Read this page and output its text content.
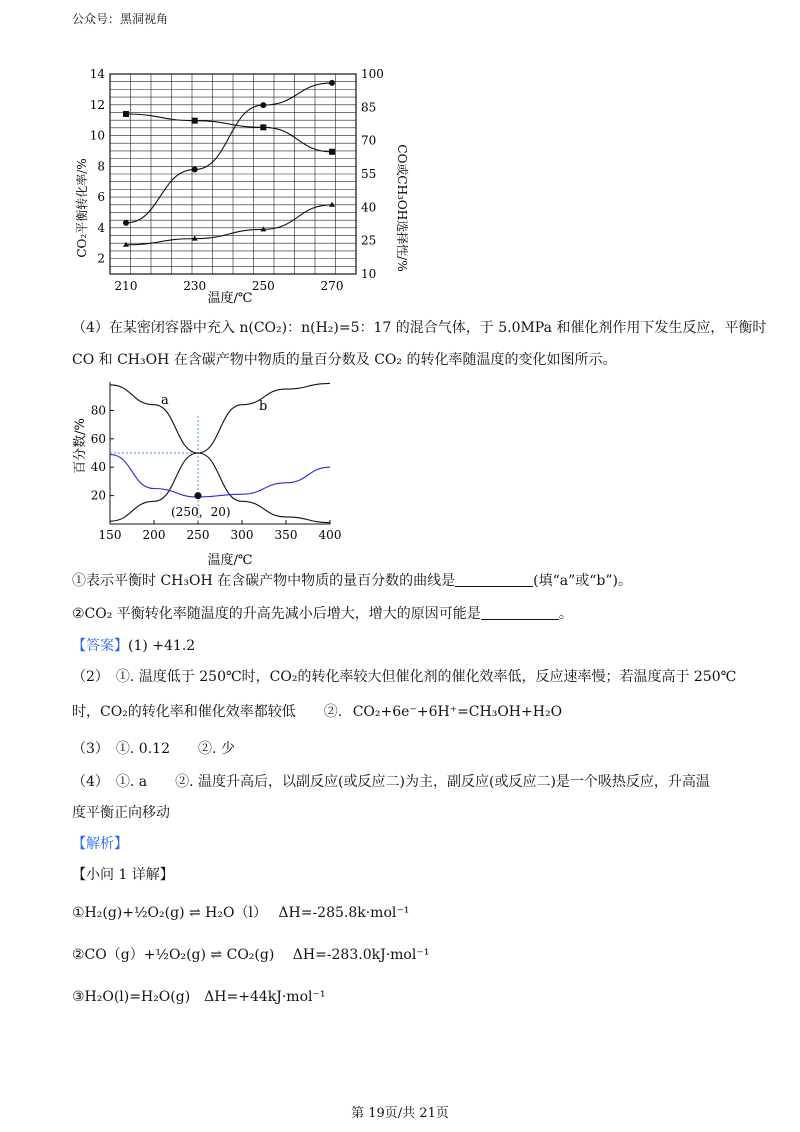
公众号：黑洞视角
2
4
6
8
10
12
14
10
25
40
55
70
85
100
210	230	250	270
CO₂平衡转化率/%	CO或CH₃OH选择性/%
温度/℃
（4）在某密闭容器中充入 n(CO₂)：n(H₂)=5：17 的混合气体，于 5.0MPa 和催化剂作用下发生反应，平衡时
CO 和 CH₃OH 在含碳产物中物质的量百分数及 CO₂ 的转化率随温度的变化如图所示。
150 200 250 300 350 400
20
40
60
80
a	b
(250，20)
百分数/%
温度/℃
①表示平衡时 CH₃OH 在含碳产物中物质的量百分数的曲线是	(填“a”或“b”)。
②CO₂ 平衡转化率随温度的升高先减小后增大，增大的原因可能是	。
【答案】(1) +41.2
（2）　①. 温度低于 250℃时，CO₂的转化率较大但催化剂的催化效率低，反应速率慢；若温度高于 250℃
时，CO₂的转化率和催化效率都较低　　②. CO₂+6e⁻+6H⁺=CH₃OH+H₂O
（3）　①. 0.12　　②. 少
（4）　①. a　　②. 温度升高后，以副反应(或反应二)为主，副反应(或反应二)是一个吸热反应，升高温
度平衡正向移动
【解析】
【小问 1 详解】
①H₂(g)+½O₂(g) ⇌ H₂O（l）　 ΔH=-285.8k·mol⁻¹
②CO（g）+½O₂(g) ⇌ CO₂(g)　 ΔH=-283.0kJ·mol⁻¹
③H₂O(l)=H₂O(g)　ΔH=+44kJ·mol⁻¹
第 19页/共 21页
